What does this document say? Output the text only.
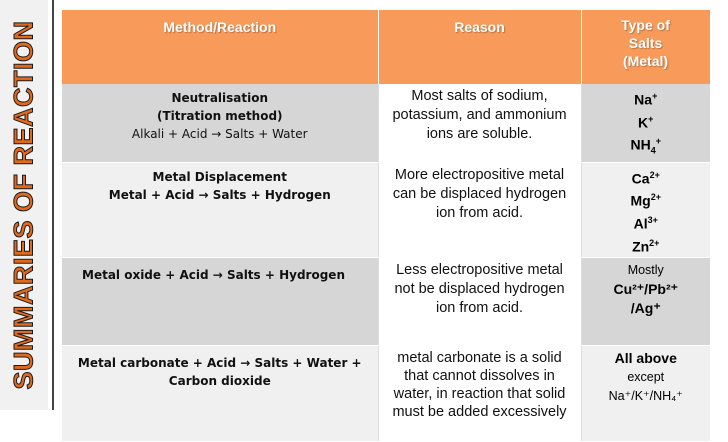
SUMMARIES OF REACTION	Method/Reaction	Reason	Type of
Salts
(Metal)

Neutralisation
(Titration method)
Alkali + Acid → Salts + Water	Most salts of sodium,
potassium, and ammonium
ions are soluble.	Na+
K+
$NH_4^+$

Metal Displacement
Metal + Acid → Salts + Hydrogen	More electropositive metal
can be displaced hydrogen
ion from acid.	$Ca^{2+}$
$Mg^{2+}$
$Al^{3+}$
$Zn^{2+}$

Metal oxide + Acid → Salts + Hydrogen	Less electropositive metal
not be displaced hydrogen
ion from acid.	Mostly
Cu²⁺/Pb²⁺
/Ag⁺

Metal carbonate + Acid → Salts + Water +
Carbon dioxide	metal carbonate is a solid
that cannot dissolves in
water, in reaction that solid
must be added excessively	All above
except
Na⁺/K⁺/NH₄⁺
